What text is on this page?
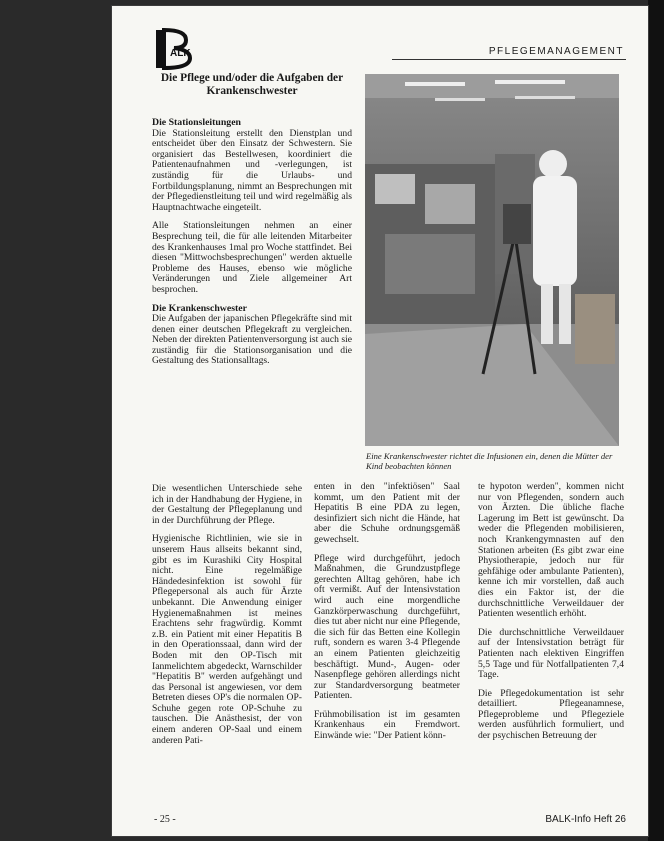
ALK	PFLEGEMANAGEMENT
Die Pflege und/oder die Aufgaben der Krankenschwester
Die Stationsleitungen

Die Stationsleitung erstellt den Dienstplan und entscheidet über den Einsatz der Schwestern. Sie organisiert das Bestellwesen, koordiniert die Patientenaufnahmen und -verlegungen, ist zuständig für die Urlaubs- und Fortbildungsplanung, nimmt an Besprechungen mit der Pflegedienstleitung teil und wird regelmäßig als Hauptnachtwache eingeteilt.

Alle Stationsleitungen nehmen an einer Besprechung teil, die für alle leitenden Mitarbeiter des Krankenhauses 1mal pro Woche stattfindet. Bei diesen "Mittwochsbesprechungen" werden aktuelle Probleme des Hauses, ebenso wie mögliche Veränderungen und Ziele allgemeiner Art besprochen.

Die Krankenschwester

Die Aufgaben der japanischen Pflegekräfte sind mit denen einer deutschen Pflegekraft zu vergleichen. Neben der direkten Patientenversorgung ist auch sie zuständig für die Stationsorganisation und die Gestaltung des Stationsalltags.

Eine Krankenschwester richtet die Infusionen ein, denen die Mütter der Kind beobachten können

Die wesentlichen Unterschiede sehe ich in der Handhabung der Hygiene, in der Gestaltung der Pflegeplanung und in der Durchführung der Pflege.

Hygienische Richtlinien, wie sie in unserem Haus allseits bekannt sind, gibt es im Kurashiki City Hospital nicht. Eine regelmäßige Händedesinfektion ist sowohl für Pflegepersonal als auch für Ärzte unbekannt. Die Anwendung einiger Hygienemaßnahmen ist meines Erachtens sehr fragwürdig. Kommt z.B. ein Patient mit einer Hepatitis B in den Operationssaal, dann wird der Boden mit den OP-Tisch mit Ianmelichtem abgedeckt, Warnschilder "Hepatitis B" werden aufgehängt und das Personal ist angewiesen, vor dem Betreten dieses OP's die normalen OP-Schuhe gegen rote OP-Schuhe zu tauschen. Die Anästhesist, der von einem anderen OP-Saal und einem anderen Pati-

enten in den "infektiösen" Saal kommt, um den Patient mit der Hepatitis B eine PDA zu legen, desinfiziert sich nicht die Hände, hat aber die Schuhe ordnungsgemäß gewechselt.

Pflege wird durchgeführt, jedoch Maßnahmen, die Grundzustpflege gerechten Alltag gehören, habe ich oft vermißt. Auf der Intensivstation wird auch eine morgendliche Ganzkörperwaschung durchgeführt, dies tut aber nicht nur eine Pflegende, die sich für das Betten eine Kollegin ruft, sondern es waren 3-4 Pflegende an einem Patienten gleichzeitig beschäftigt. Mund-, Augen- oder Nasenpflege gehören allerdings nicht zur Standardversorgung beatmeter Patienten.

Frühmobilisation ist im gesamten Krankenhaus ein Fremdwort. Einwände wie: "Der Patient könn-

te hypoton werden", kommen nicht nur von Pflegenden, sondern auch von Ärzten. Die übliche flache Lagerung im Bett ist gewünscht. Da weder die Pflegenden mobilisieren, noch Krankengymnasten auf den Stationen arbeiten (Es gibt zwar eine Physiotherapie, jedoch nur für gehfähige oder ambulante Patienten), kenne ich mir vorstellen, daß auch dies ein Faktor ist, der die durchschnittliche Verweildauer der Patienten wesentlich erhöht.

Die durchschnittliche Verweildauer auf der Intensivstation beträgt für Patienten nach elektiven Eingriffen 5,5 Tage und für Notfallpatienten 7,4 Tage.

Die Pflegedokumentation ist sehr detailliert. Pflegeanamnese, Pflegeprobleme und Pflegeziele werden ausführlich formuliert, und der psychischen Betreuung der

- 25 -	BALK-Info Heft 26
